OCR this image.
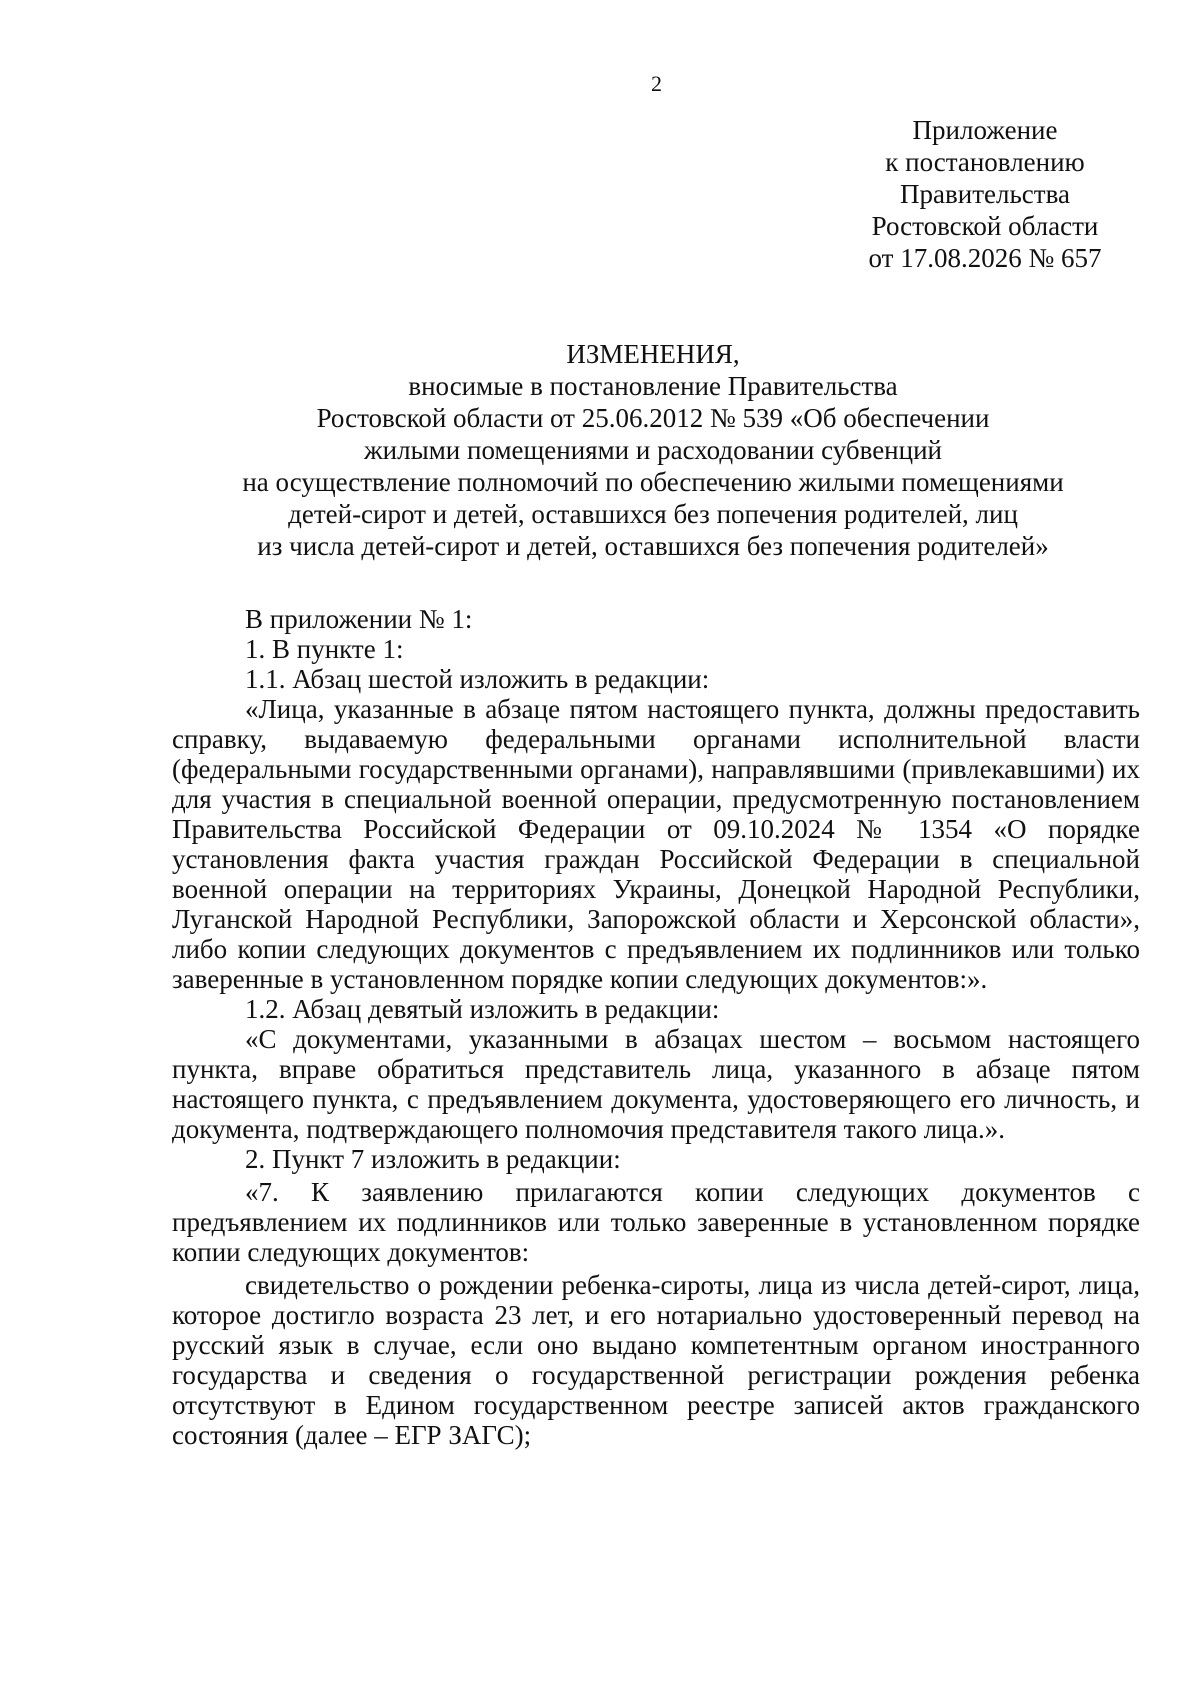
2
Приложение
к постановлению
Правительства
Ростовской области
от 17.08.2026 № 657
ИЗМЕНЕНИЯ,
вносимые в постановление Правительства
Ростовской области от 25.06.2012 № 539 «Об обеспечении
жилыми помещениями и расходовании субвенций
на осуществление полномочий по обеспечению жилыми помещениями
детей-сирот и детей, оставшихся без попечения родителей, лиц
из числа детей-сирот и детей, оставшихся без попечения родителей»

В приложении № 1:

1. В пункте 1:

1.1. Абзац шестой изложить в редакции:

«Лица, указанные в абзаце пятом настоящего пункта, должны предоставить справку, выдаваемую федеральными органами исполнительной власти (федеральными государственными органами), направлявшими (привлекавшими) их для участия в специальной военной операции, предусмотренную постановлением Правительства Российской Федерации от 09.10.2024 № 1354 «О порядке установления факта участия граждан Российской Федерации в специальной военной операции на территориях Украины, Донецкой Народной Республики, Луганской Народной Республики, Запорожской области и Херсонской области», либо копии следующих документов с предъявлением их подлинников или только заверенные в установленном порядке копии следующих документов:».

1.2. Абзац девятый изложить в редакции:

«С документами, указанными в абзацах шестом – восьмом настоящего пункта, вправе обратиться представитель лица, указанного в абзаце пятом настоящего пункта, с предъявлением документа, удостоверяющего его личность, и документа, подтверждающего полномочия представителя такого лица.».

2. Пункт 7 изложить в редакции:

«7. К заявлению прилагаются копии следующих документов с предъявлением их подлинников или только заверенные в установленном порядке копии следующих документов:

свидетельство о рождении ребенка-сироты, лица из числа детей-сирот, лица, которое достигло возраста 23 лет, и его нотариально удостоверенный перевод на русский язык в случае, если оно выдано компетентным органом иностранного государства и сведения о государственной регистрации рождения ребенка отсутствуют в Едином государственном реестре записей актов гражданского состояния (далее – ЕГР ЗАГС);
